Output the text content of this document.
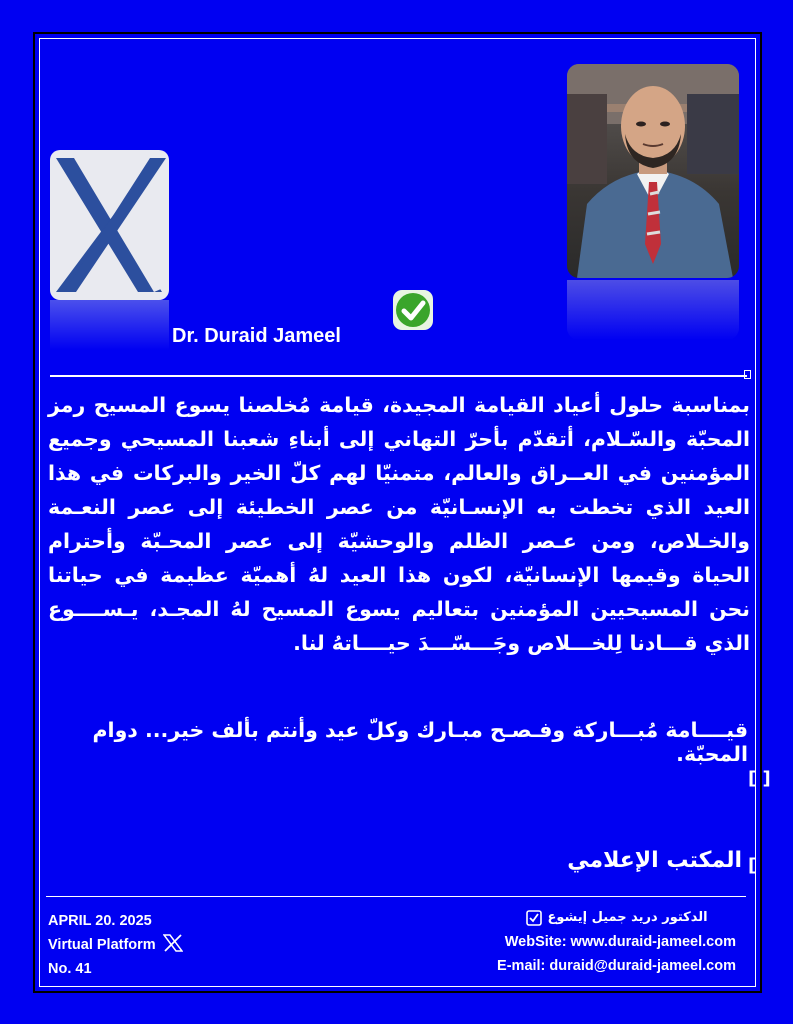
Dr. Duraid Jameel
بمناسبة حلول أعياد القيامة المجيدة، قيامة مُخلصنا يسوع المسيح رمز المحبّة والسّـلام، أتقدّم بأحرّ التهاني إلى أبناءِ شعبنا المسيحي وجميع المؤمنين في العــراق والعالم، متمنيّا لهم كلّ الخير والبركات في هذا العيد الذي تخطت به الإنسـانيّة من عصر الخطيئة إلى عصر النعـمة والخـلاص، ومن عـصر الظلم والوحشيّة إلى عصر المحـبّة وأحترام الحياة وقيمها الإنسانيّة، لكون هذا العيد لهُ أهميّة عظيمة في حياتنا نحن المسيحيين المؤمنين بتعاليم يسوع المسيح لهُ المجـد، يـســــوع الذي قـــادنا لِلخـــلاص وجَـــسّـــدَ حيــــاتهُ لنا.
قيــــامة مُبـــاركة وفـصـح مبـارك وكلّ عيد وأنتم بألف خير... دوام المحبّة.
[ ]
[
المكتب الإعلامي
APRIL 20. 2025
Virtual Platform
No. 41
الدكتور دريد جميل إيشوع
WebSite: www.duraid-jameel.com
E-mail: duraid@duraid-jameel.com
